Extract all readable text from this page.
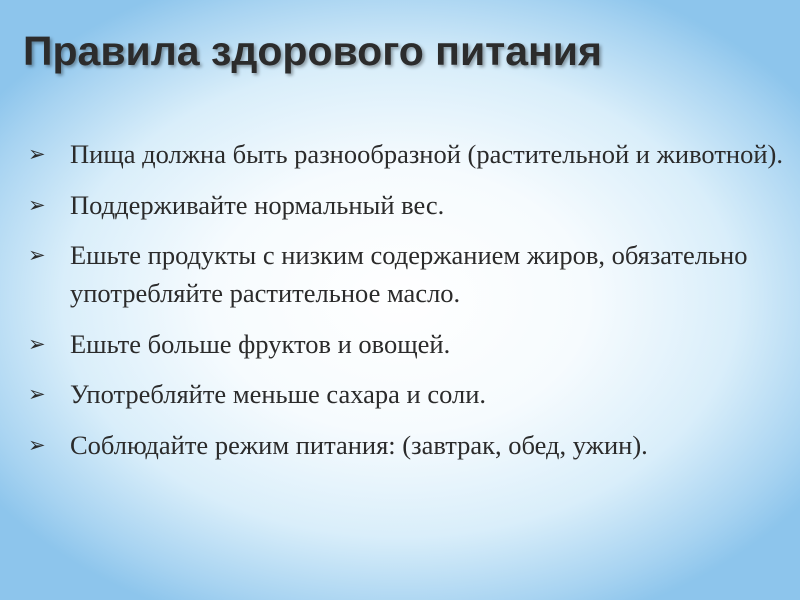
Правила здорового питания
➢ Пища должна быть разнообразной (растительной и животной).
➢ Поддерживайте нормальный вес.
➢ Ешьте продукты с низким содержанием жиров, обязательно употребляйте растительное масло.
➢ Ешьте больше фруктов и овощей.
➢ Употребляйте меньше сахара и соли.
➢ Соблюдайте режим питания: (завтрак, обед, ужин).
